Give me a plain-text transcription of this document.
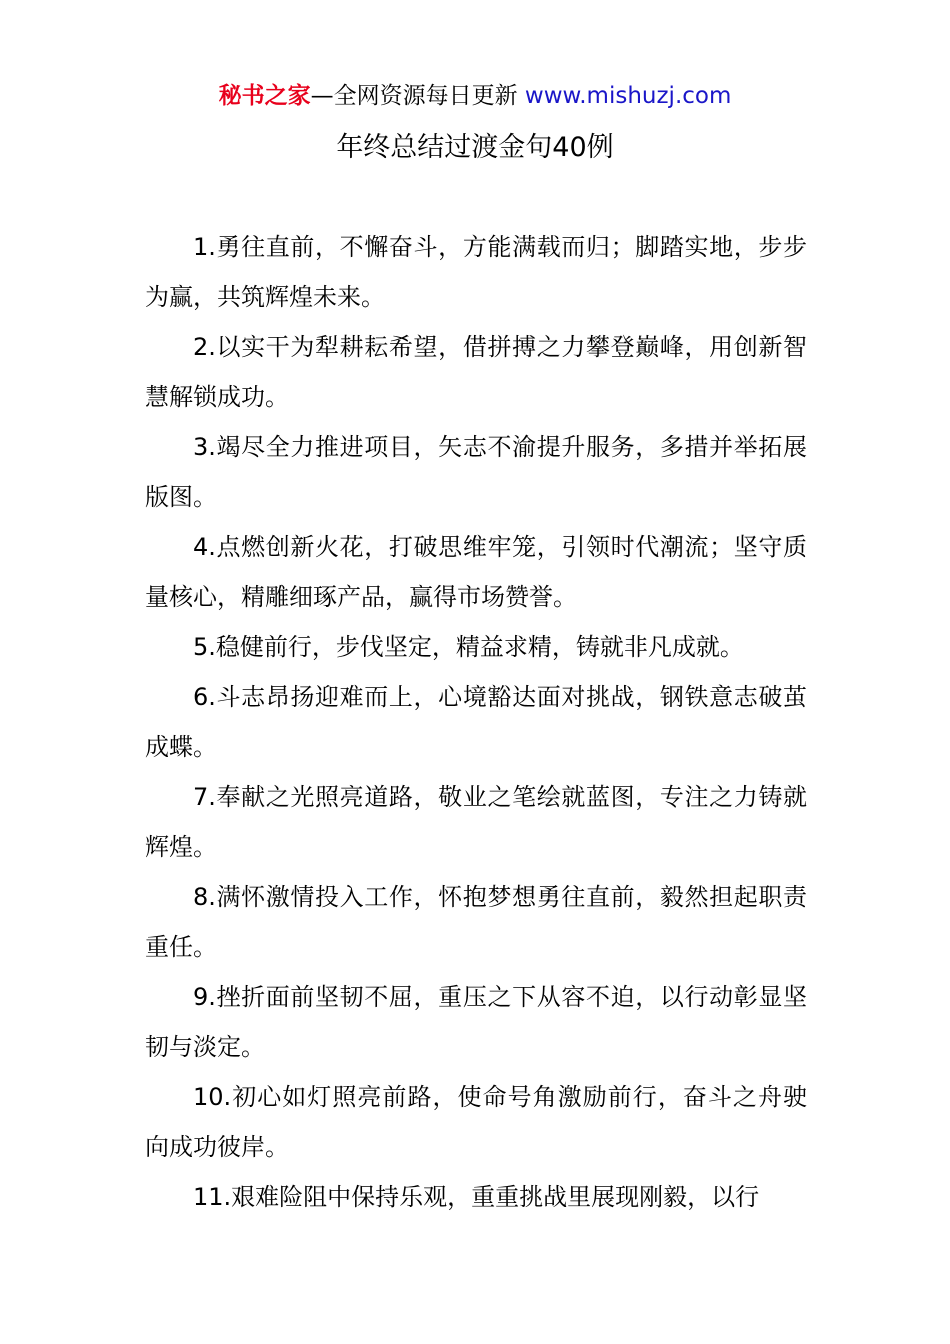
秘书之家—全网资源每日更新 www.mishuzj.com
年终总结过渡金句40例

1.勇往直前，不懈奋斗，方能满载而归；脚踏实地，步步为赢，共筑辉煌未来。

2.以实干为犁耕耘希望，借拼搏之力攀登巅峰，用创新智慧解锁成功。

3.竭尽全力推进项目，矢志不渝提升服务，多措并举拓展版图。

4.点燃创新火花，打破思维牢笼，引领时代潮流；坚守质量核心，精雕细琢产品，赢得市场赞誉。

5.稳健前行，步伐坚定，精益求精，铸就非凡成就。

6.斗志昂扬迎难而上，心境豁达面对挑战，钢铁意志破茧成蝶。

7.奉献之光照亮道路，敬业之笔绘就蓝图，专注之力铸就辉煌。

8.满怀激情投入工作，怀抱梦想勇往直前，毅然担起职责重任。

9.挫折面前坚韧不屈，重压之下从容不迫，以行动彰显坚韧与淡定。

10.初心如灯照亮前路，使命号角激励前行，奋斗之舟驶向成功彼岸。

11.艰难险阻中保持乐观，重重挑战里展现刚毅，以行
